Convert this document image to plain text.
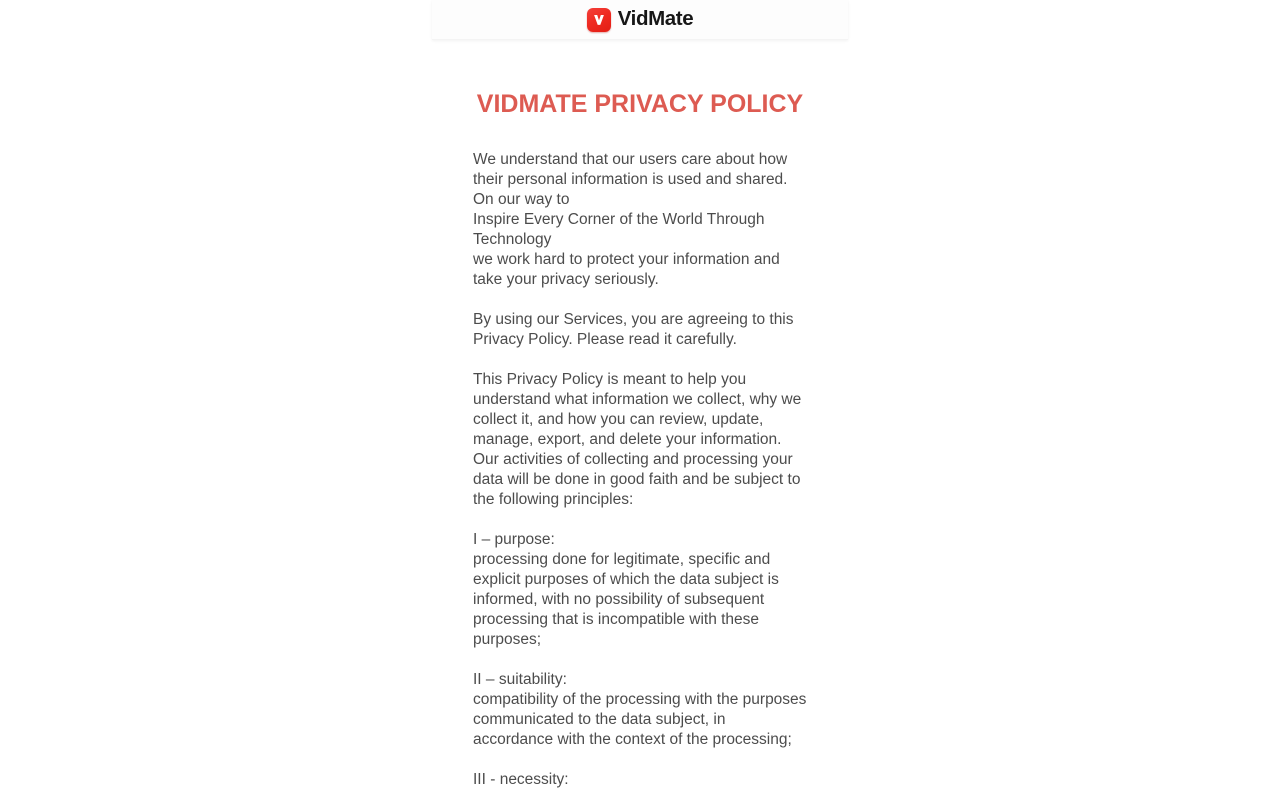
VidMate
VIDMATE PRIVACY POLICY

We understand that our users care about how their personal information is used and shared.
On our way to
Inspire Every Corner of the World Through Technology
we work hard to protect your information and take your privacy seriously.

By using our Services, you are agreeing to this Privacy Policy. Please read it carefully.

This Privacy Policy is meant to help you understand what information we collect, why we collect it, and how you can review, update, manage, export, and delete your information. Our activities of collecting and processing your data will be done in good faith and be subject to the following principles:

I – purpose:
processing done for legitimate, specific and explicit purposes of which the data subject is informed, with no possibility of subsequent processing that is incompatible with these purposes;

II – suitability:
compatibility of the processing with the purposes communicated to the data subject, in accordance with the context of the processing;

III - necessity:
